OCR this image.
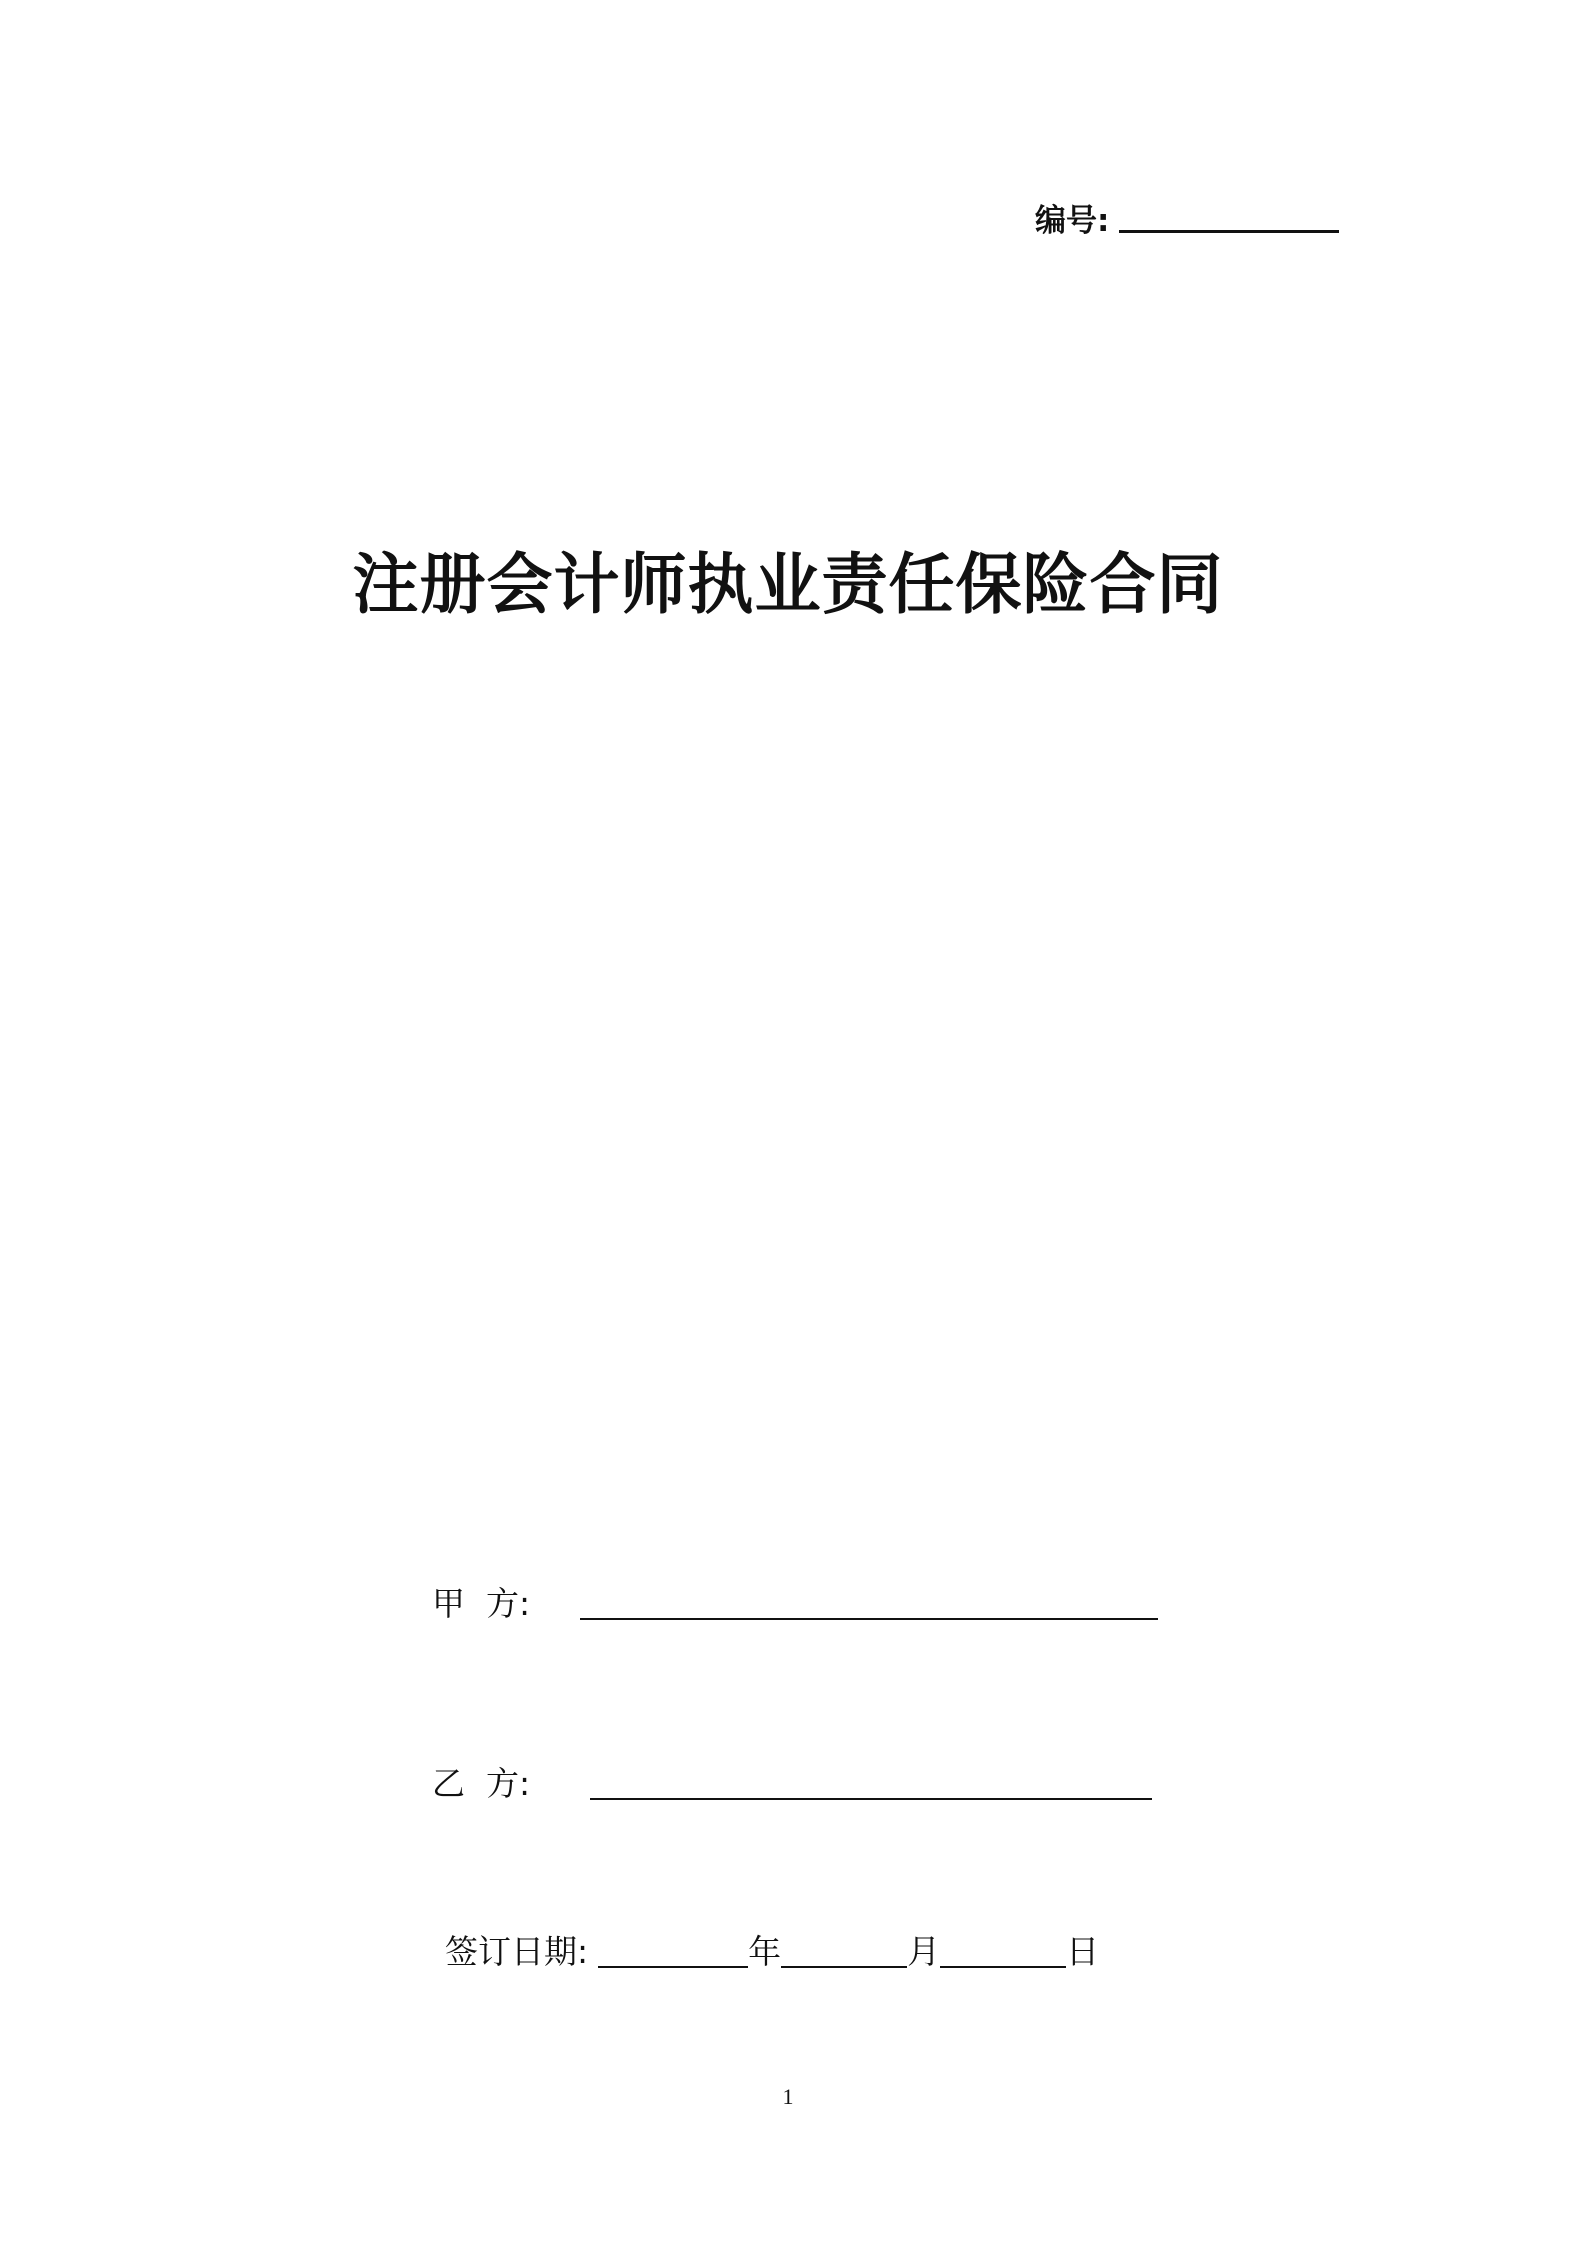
编号:
注册会计师执业责任保险合同
甲  方:
乙  方:
签订日期:	年	月	日
1
